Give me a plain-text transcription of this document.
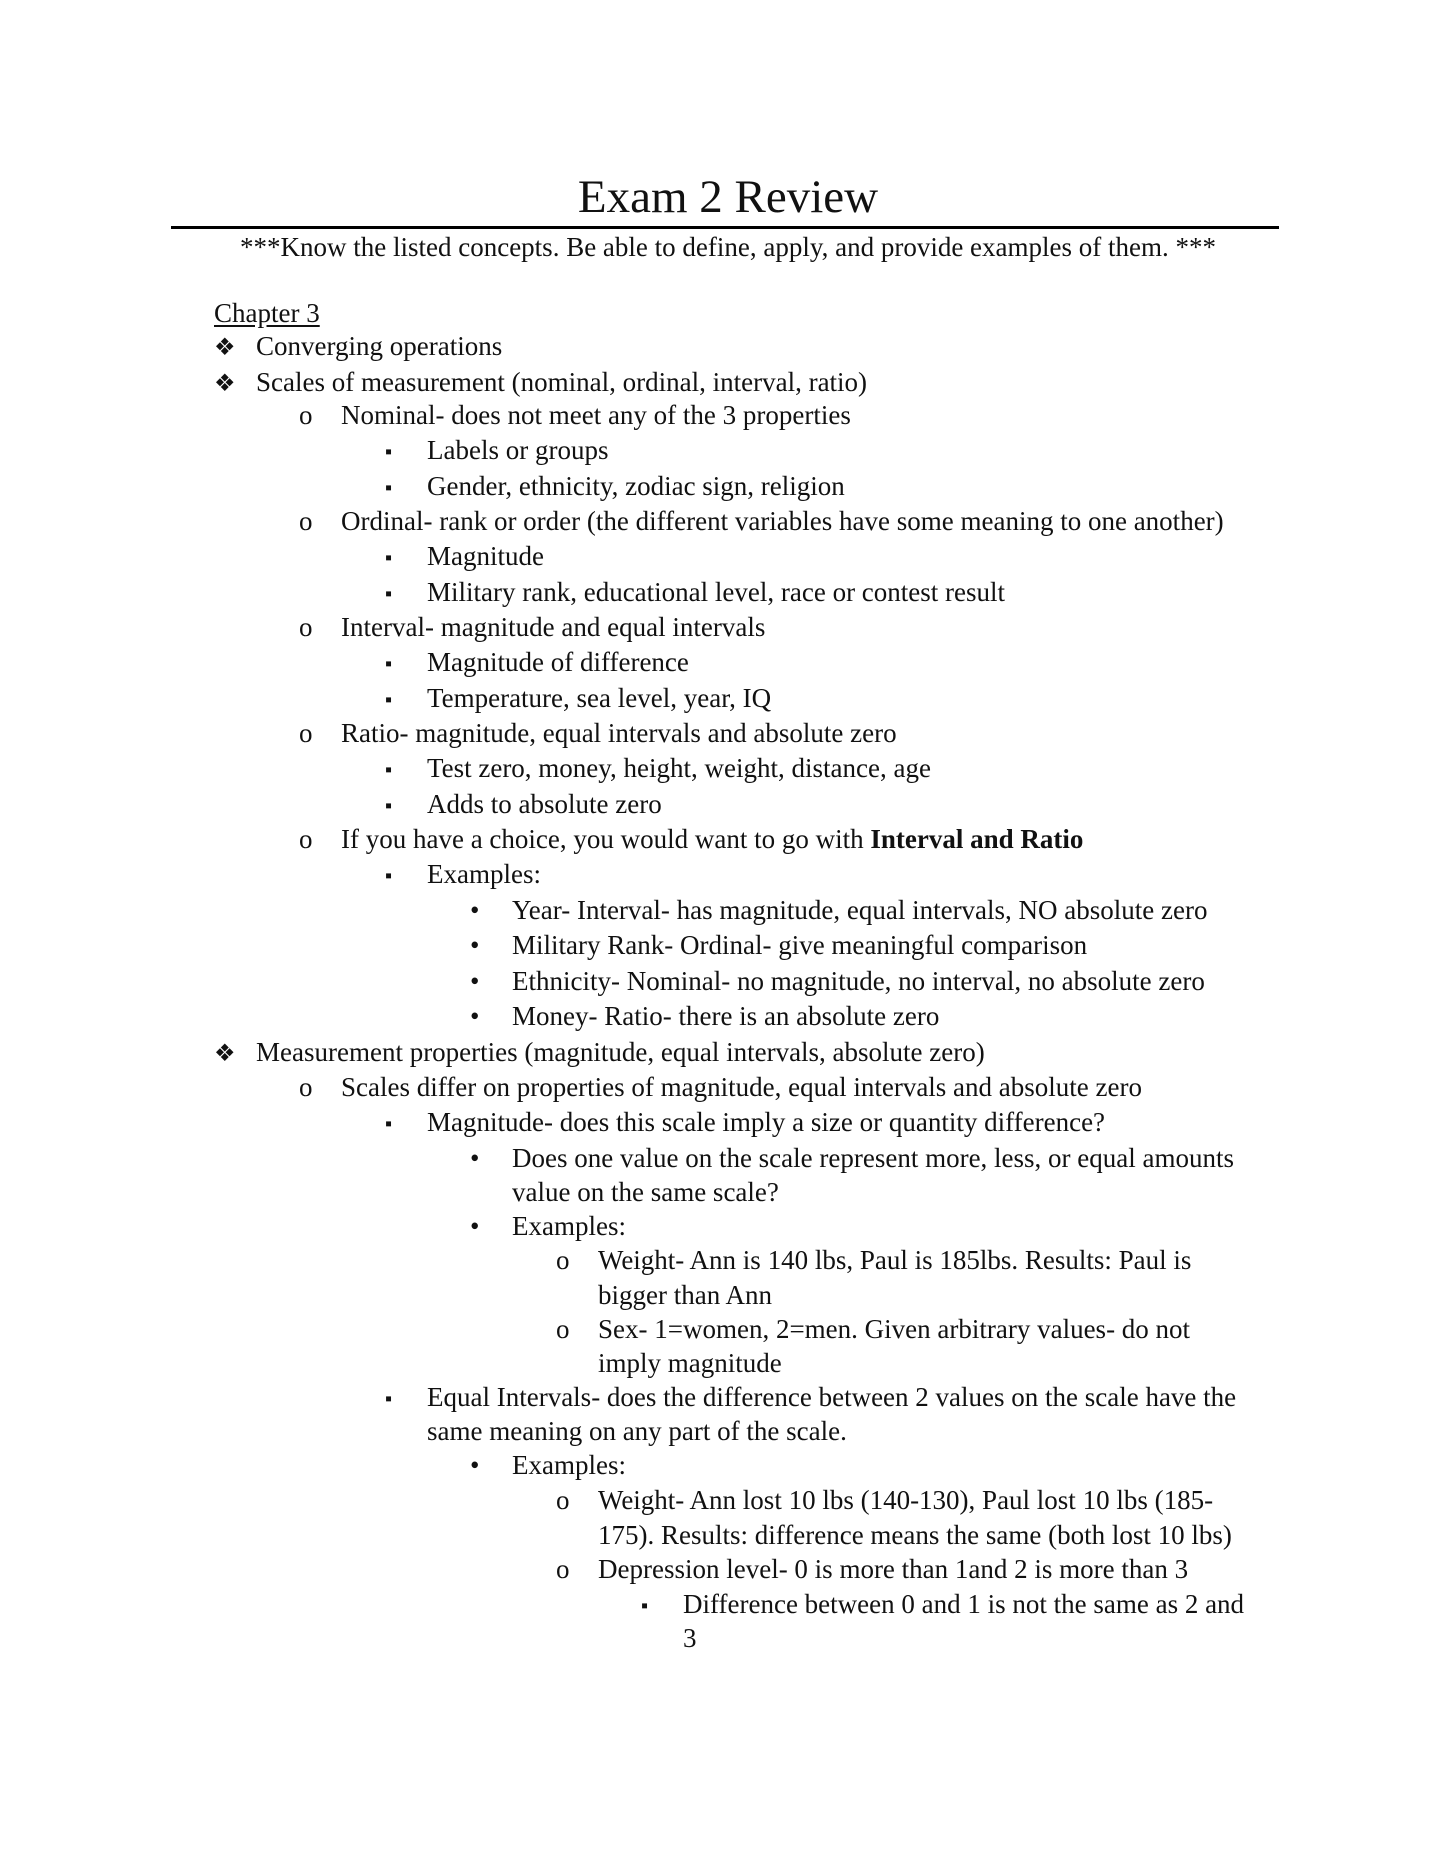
Exam 2 Review
***Know the listed concepts. Be able to define, apply, and provide examples of them. ***
Chapter 3
❖ Converging operations
❖ Scales of measurement (nominal, ordinal, interval, ratio)
o Nominal- does not meet any of the 3 properties
▪ Labels or groups
▪ Gender, ethnicity, zodiac sign, religion
o Ordinal- rank or order (the different variables have some meaning to one another)
▪ Magnitude
▪ Military rank, educational level, race or contest result
o Interval- magnitude and equal intervals
▪ Magnitude of difference
▪ Temperature, sea level, year, IQ
o Ratio- magnitude, equal intervals and absolute zero
▪ Test zero, money, height, weight, distance, age
▪ Adds to absolute zero
o If you have a choice, you would want to go with Interval and Ratio
▪ Examples:
• Year- Interval- has magnitude, equal intervals, NO absolute zero
• Military Rank- Ordinal- give meaningful comparison
• Ethnicity- Nominal- no magnitude, no interval, no absolute zero
• Money- Ratio- there is an absolute zero
❖ Measurement properties (magnitude, equal intervals, absolute zero)
o Scales differ on properties of magnitude, equal intervals and absolute zero
▪ Magnitude- does this scale imply a size or quantity difference?
• Does one value on the scale represent more, less, or equal amounts
value on the same scale?
• Examples:
o Weight- Ann is 140 lbs, Paul is 185lbs. Results: Paul is
bigger than Ann
o Sex- 1=women, 2=men. Given arbitrary values- do not
imply magnitude
▪ Equal Intervals- does the difference between 2 values on the scale have the
same meaning on any part of the scale.
• Examples:
o Weight- Ann lost 10 lbs (140-130), Paul lost 10 lbs (185-
175). Results: difference means the same (both lost 10 lbs)
o Depression level- 0 is more than 1and 2 is more than 3
▪ Difference between 0 and 1 is not the same as 2 and
3
